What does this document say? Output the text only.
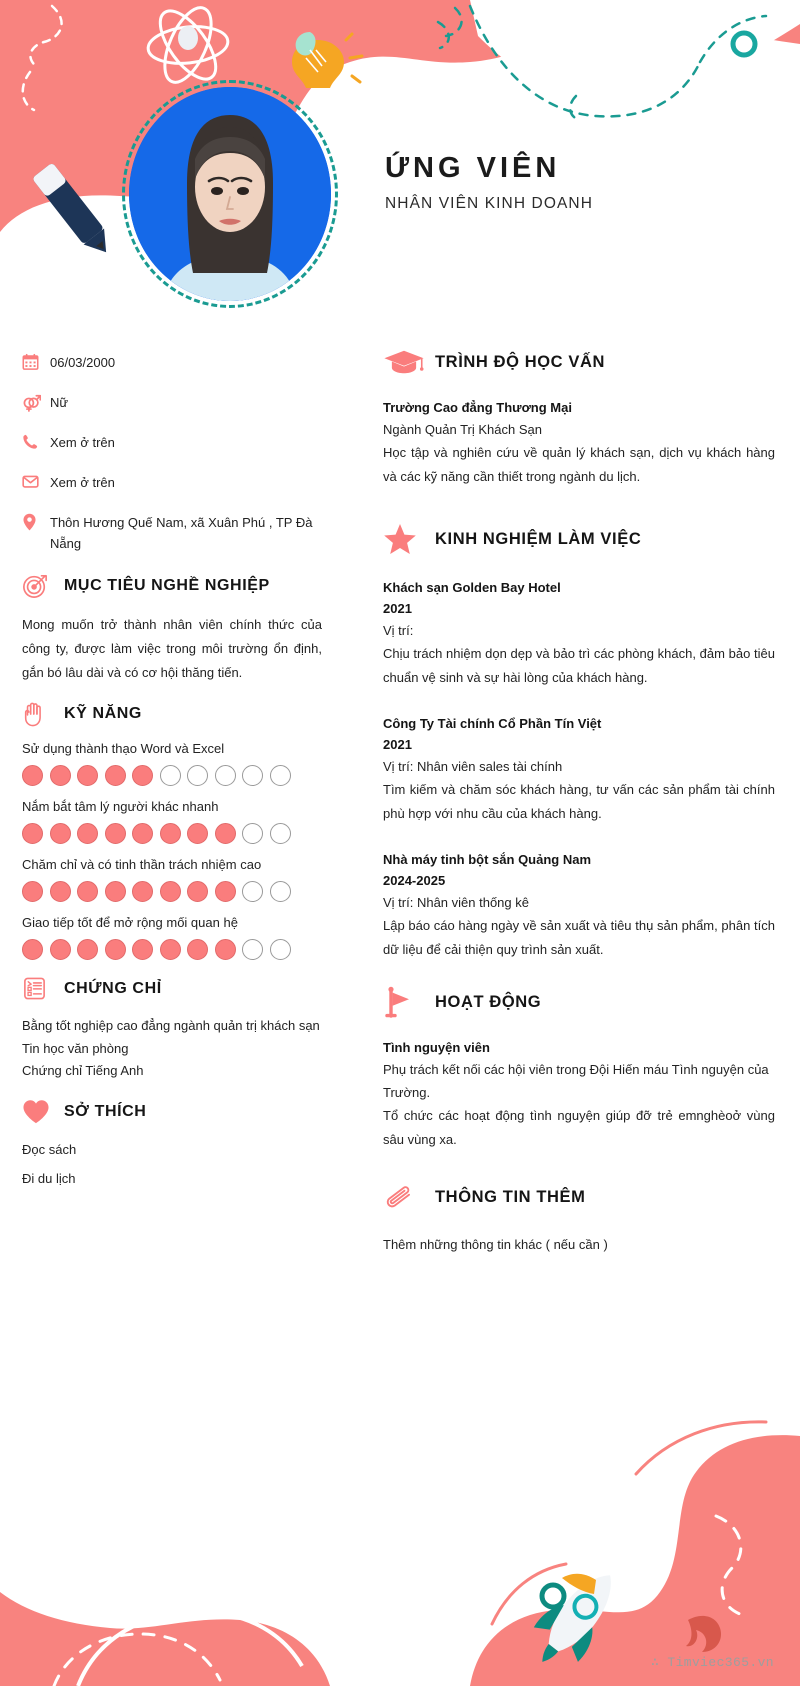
ỨNG VIÊN
NHÂN VIÊN KINH DOANH
06/03/2000
Nữ
Xem ở trên
Xem ở trên
Thôn Hương Quế Nam, xã Xuân Phú , TP Đà Nẵng
MỤC TIÊU NGHỀ NGHIỆP
Mong muốn trở thành nhân viên chính thức của công ty, được làm việc trong môi trường ổn định, gắn bó lâu dài và có cơ hội thăng tiến.
KỸ NĂNG
Sử dụng thành thạo Word và Excel
Nắm bắt tâm lý người khác nhanh
Chăm chỉ và có tinh thần trách nhiệm cao
Giao tiếp tốt để mở rộng mối quan hệ
CHỨNG CHỈ
Bằng tốt nghiệp cao đẳng ngành quản trị khách sạn
Tin học văn phòng
Chứng chỉ Tiếng Anh
SỞ THÍCH
Đọc sách
Đi du lịch
TRÌNH ĐỘ HỌC VẤN
Trường Cao đẳng Thương Mại
Ngành Quản Trị Khách Sạn
Học tập và nghiên cứu về quản lý khách sạn, dịch vụ khách hàng và các kỹ năng cần thiết trong ngành du lịch.
KINH NGHIỆM LÀM VIỆC
Khách sạn Golden Bay Hotel
2021
Vị trí:
Chịu trách nhiệm dọn dẹp và bảo trì các phòng khách, đảm bảo tiêu chuẩn vệ sinh và sự hài lòng của khách hàng.
Công Ty Tài chính Cổ Phần Tín Việt
2021
Vị trí: Nhân viên sales tài chính
Tìm kiếm và chăm sóc khách hàng, tư vấn các sản phẩm tài chính phù hợp với nhu cầu của khách hàng.
Nhà máy tinh bột sắn Quảng Nam
2024-2025
Vị trí: Nhân viên thống kê
Lập báo cáo hàng ngày về sản xuất và tiêu thụ sản phẩm, phân tích dữ liệu để cải thiện quy trình sản xuất.
HOẠT ĐỘNG
Tình nguyện viên
Phụ trách kết nối các hội viên trong Đội Hiến máu Tình nguyện của Trường.
Tổ chức các hoạt động tình nguyện giúp đỡ trẻ emnghèoở vùng sâu vùng xa.
THÔNG TIN THÊM
Thêm những thông tin khác ( nếu cần )
∴ Timviec365.vn
